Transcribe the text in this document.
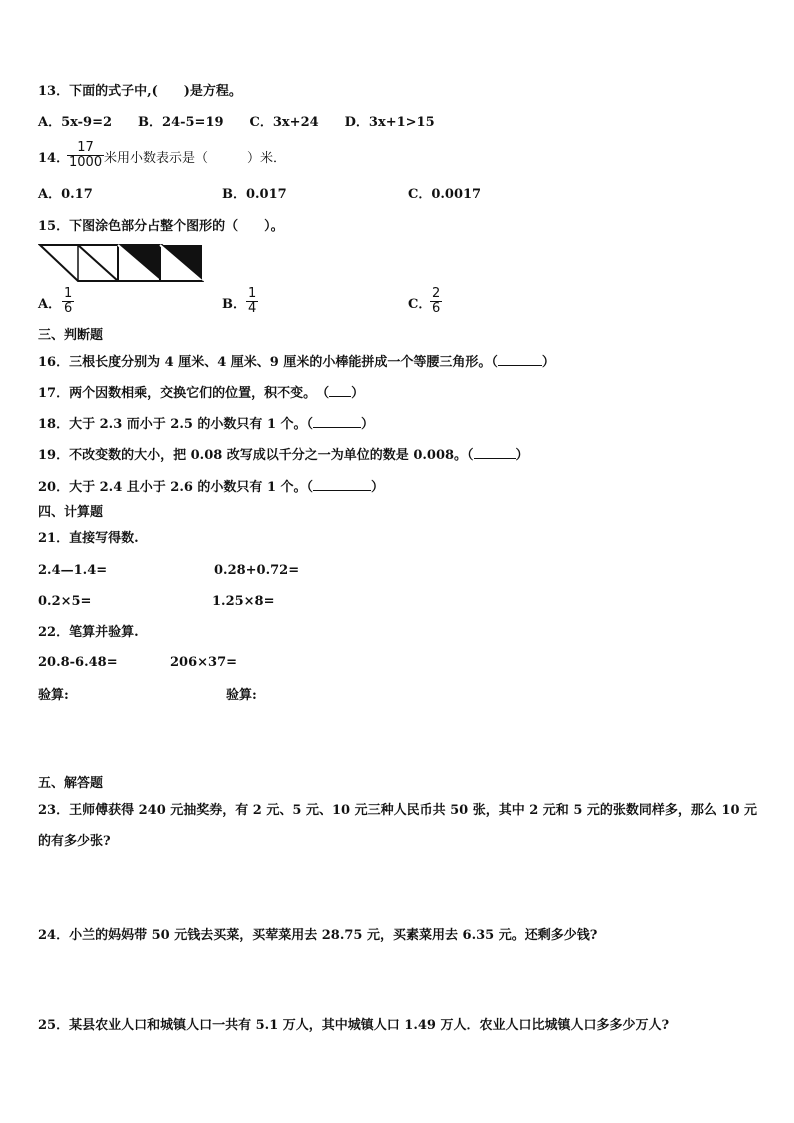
13．下面的式子中,(　　)是方程。
A．5x-9=2　　B．24-5=19　　C．3x+24　　D．3x+1>15
14．
17
1000 米用小数表示是（　　　）米．
A．0.17	B．0.017	C．0.0017
15．下图涂色部分占整个图形的（　　）。
A．
1
6	B．
1
4	C．
2
6
三、判断题
16．三根长度分别为 4 厘米、4 厘米、9 厘米的小棒能拼成一个等腰三角形。（	）
17．两个因数相乘，交换它们的位置，积不变。　（ ）
18．大于 2.3 而小于 2.5 的小数只有 1 个。（	）
19．不改变数的大小，把 0.08 改写成以千分之一为单位的数是 0.008。（	）
20．大于 2.4 且小于 2.6 的小数只有 1 个。（	）
四、计算题
21．直接写得数.
2.4—1.4=	0.28+0.72=
0.2×5=	1.25×8=
22．笔算并验算.
20.8-6.48=	206×37=
验算:	验算:
五、解答题
23．王师傅获得 240 元抽奖券，有 2 元、5 元、10 元三种人民币共 50 张，其中 2 元和 5 元的张数同样多，那么 10 元
的有多少张?
24．小兰的妈妈带 50 元钱去买菜，买荤菜用去 28.75 元，买素菜用去 6.35 元。还剩多少钱?
25．某县农业人口和城镇人口一共有 5.1 万人，其中城镇人口 1.49 万人．农业人口比城镇人口多多少万人?
